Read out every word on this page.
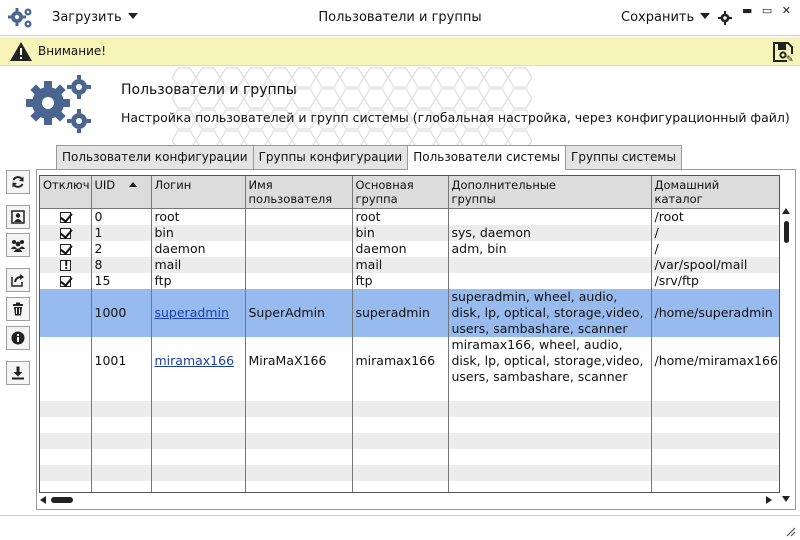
Загрузить	Пользователи и группы	Сохранить	▬ ▭ ✕
Внимание!
✎
Пользователи и группы
Настройка пользователей и групп системы (глобальная настройка, через конфигурационный файл)
Пользователи конфигурации Группы конфигурации Пользователи системы Группы системы
Отключ	UID	Логин	Имя
пользователя	Основная
группа	Дополнительные
группы	Домашний
каталог
	0	root		root		/root
	1	bin		bin	sys, daemon	/
	2	daemon		daemon	adm, bin	/
!	8	mail		mail		/var/spool/mail
	15	ftp		ftp		/srv/ftp
	1000	superadmin	SuperAdmin	superadmin	superadmin, wheel, audio, disk, lp, optical, storage,video, users, sambashare, scanner	/home/superadmin
	1001	miramax166	MiraMaX166	miramax166	miramax166, wheel, audio, disk, lp, optical, storage,video, users, sambashare, scanner	/home/miramax166
